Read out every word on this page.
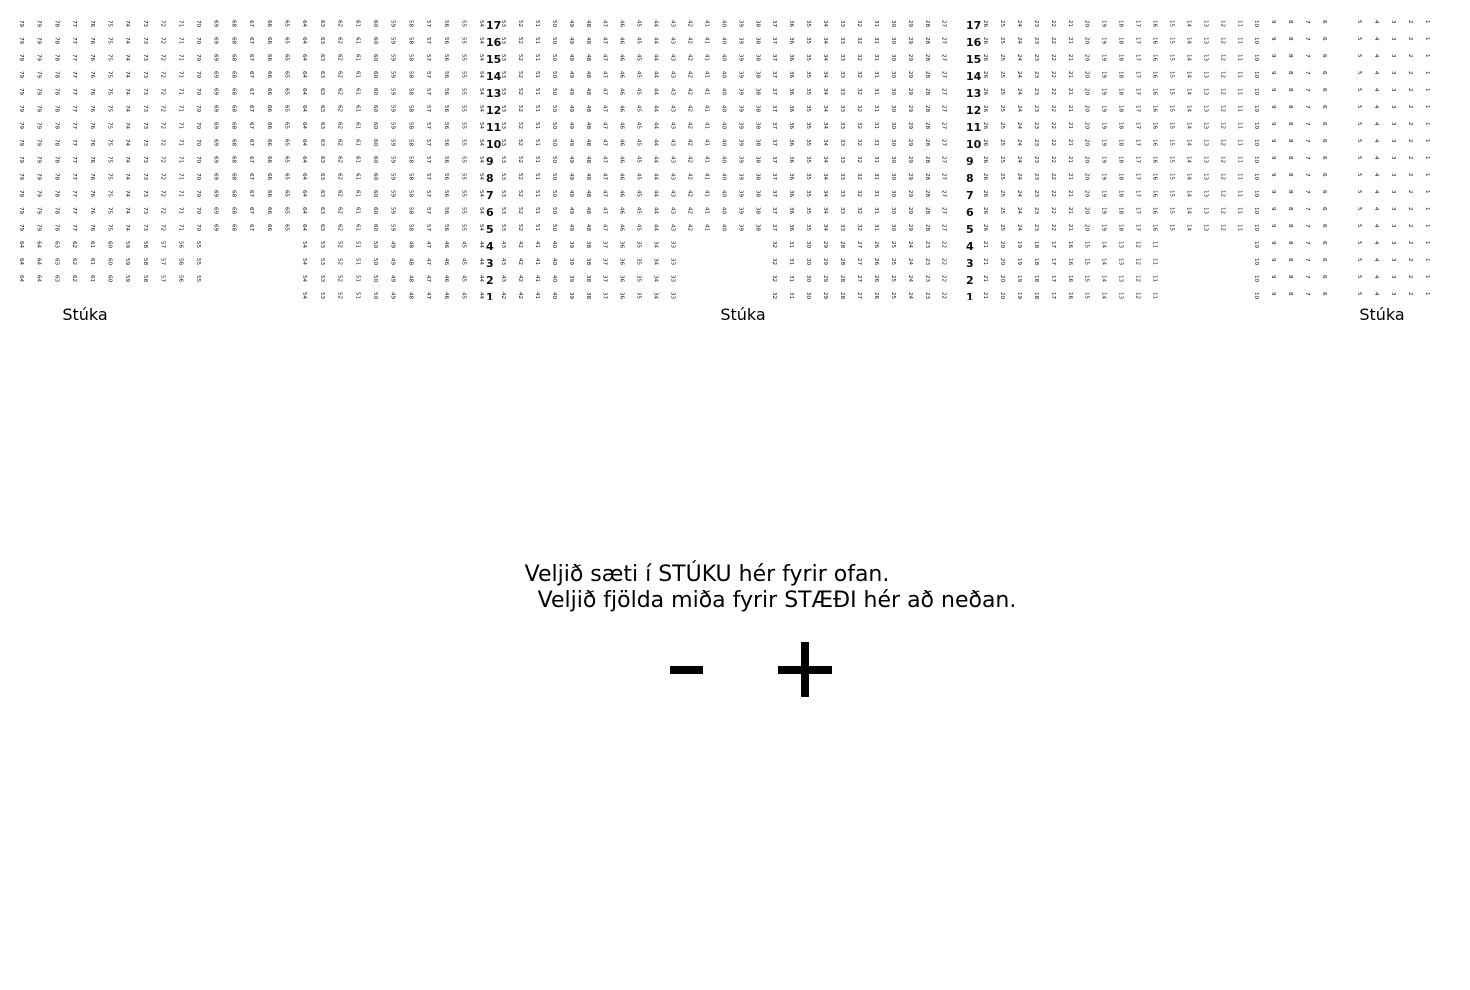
79
79
79
79
79
79
79
79
79
79
79
79
79
64
64
64
79
79
79
79
79
79
79
79
79
79
79
79
79
64
64
64
78
78
78
78
78
78
78
78
78
78
78
78
78
63
63
63
77
77
77
77
77
77
77
77
77
77
77
77
77
62
62
62
76
76
76
76
76
76
76
76
76
76
76
76
76
61
61
61
75
75
75
75
75
75
75
75
75
75
75
75
75
60
60
60
74
74
74
74
74
74
74
74
74
74
74
74
74
59
59
59
73
73
73
73
73
73
73
73
73
73
73
73
73
58
58
58
72
72
72
72
72
72
72
72
72
72
72
72
72
57
57
57
71
71
71
71
71
71
71
71
71
71
71
71
71
56
56
56
70
70
70
70
70
70
70
70
70
70
70
70
70
55
55
55
69
69
69
69
69
69
69
69
69
69
69
69
69
68
68
68
68
68
68
68
68
68
68
68
68
68
67
67
67
67
67
67
67
67
67
67
67
67
67
66
66
66
66
66
66
66
66
66
66
66
66
66
65
65
65
65
65
65
65
65
65
65
65
65
65
64
64
64
64
64
64
64
64
64
64
64
64
64
54
54
54
54
63
63
63
63
63
63
63
63
63
63
63
63
63
53
53
53
53
62
62
62
62
62
62
62
62
62
62
62
62
62
52
52
52
52
61
61
61
61
61
61
61
61
61
61
61
61
61
51
51
51
51
60
60
60
60
60
60
60
60
60
60
60
60
60
50
50
50
50
59
59
59
59
59
59
59
59
59
59
59
59
59
49
49
49
49
58
58
58
58
58
58
58
58
58
58
58
58
58
48
48
48
48
57
57
57
57
57
57
57
57
57
57
57
57
57
47
47
47
47
56
56
56
56
56
56
56
56
56
56
56
56
56
46
46
46
46
55
55
55
55
55
55
55
55
55
55
55
55
55
45
45
45
45
54
54
54
54
54
54
54
54
54
54
54
54
54
44
44
44
44
53
53
53
53
53
53
53
53
53
53
53
53
53
43
43
43
42
52
52
52
52
52
52
52
52
52
52
52
52
52
42
42
42
42
51
51
51
51
51
51
51
51
51
51
51
51
51
41
41
41
41
50
50
50
50
50
50
50
50
50
50
50
50
50
40
40
40
40
49
49
49
49
49
49
49
49
49
49
49
49
49
39
39
39
39
48
48
48
48
48
48
48
48
48
48
48
48
48
38
38
38
38
47
47
47
47
47
47
47
47
47
47
47
47
47
37
37
37
37
46
46
46
46
46
46
46
46
46
46
46
46
46
36
36
36
36
45
45
45
45
45
45
45
45
45
45
45
45
45
35
35
35
35
44
44
44
44
44
44
44
44
44
44
44
44
44
34
34
34
34
43
43
43
43
43
43
43
43
43
43
43
43
43
33
33
33
33
42
42
42
42
42
42
42
42
42
42
42
42
42
41
41
41
41
41
41
41
41
41
41
41
41
41
40
40
40
40
40
40
40
40
40
40
40
40
40
39
39
39
39
39
39
39
39
39
39
39
39
39
38
38
38
38
38
38
38
38
38
38
38
38
38
37
37
37
37
37
37
37
37
37
37
37
37
37
32
32
32
32
36
36
36
36
36
36
36
36
36
36
36
36
36
31
31
31
31
35
35
35
35
35
35
35
35
35
35
35
35
35
30
30
30
30
34
34
34
34
34
34
34
34
34
34
34
34
34
29
29
29
29
33
33
33
33
33
33
33
33
33
33
33
33
33
28
28
28
28
32
32
32
32
32
32
32
32
32
32
32
32
32
27
27
27
27
31
31
31
31
31
31
31
31
31
31
31
31
31
26
26
26
26
30
30
30
30
30
30
30
30
30
30
30
30
30
25
25
25
25
29
29
29
29
29
29
29
29
29
29
29
29
29
24
24
24
24
28
28
28
28
28
28
28
28
28
28
28
28
28
23
23
23
23
27
27
27
27
27
27
27
27
27
27
27
27
27
22
22
22
22
26
26
26
26
26
26
26
26
26
26
26
26
26
21
21
21
21
25
25
25
25
25
25
25
25
25
25
25
25
25
20
20
20
20
24
24
24
24
24
24
24
24
24
24
24
24
24
19
19
19
19
23
23
23
23
23
23
23
23
23
23
23
23
23
18
18
18
18
22
22
22
22
22
22
22
22
22
22
22
22
22
17
17
17
17
21
21
21
21
21
21
21
21
21
21
21
21
21
16
16
16
16
20
20
20
20
20
20
20
20
20
20
20
20
20
15
15
15
15
19
19
19
19
19
19
19
19
19
19
19
19
19
14
14
14
14
18
18
18
18
18
18
18
18
18
18
18
18
18
13
13
13
13
17
17
17
17
17
17
17
17
17
17
17
17
17
12
12
12
12
16
16
16
16
16
16
16
16
16
16
16
16
16
11
11
11
11
15
15
15
15
15
15
15
15
15
15
15
15
15
14
14
14
14
14
14
14
14
14
14
14
14
14
13
13
13
13
13
13
13
13
13
13
13
13
13
12
12
12
12
12
12
12
12
12
12
12
12
12
11
11
11
11
11
11
11
11
11
11
11
11
11
10
10
10
10
10
10
10
10
10
10
10
10
10
10
10
10
10
9
9
9
9
9
9
9
9
9
9
9
9
9
9
9
9
9
8
8
8
8
8
8
8
8
8
8
8
8
8
8
8
8
8
7
7
7
7
7
7
7
7
7
7
7
7
7
7
7
7
7
6
6
6
6
6
6
6
6
6
6
6
6
6
6
6
6
6
5
5
5
5
5
5
5
5
5
5
5
5
5
5
5
5
5
4
4
4
4
4
4
4
4
4
4
4
4
4
4
4
4
4
3
3
3
3
3
3
3
3
3
3
3
3
3
3
3
3
3
2
2
2
2
2
2
2
2
2
2
2
2
2
2
2
2
2
1
1
1
1
1
1
1
1
1
1
1
1
1
1
1
1
1
17
16
15
14
13
12
11
10
9
8
7
6
5
4
3
2
1
17
16
15
14
13
12
11
10
9
8
7
6
5
4
3
2
1
Stúka	Stúka	Stúka
Veljið sæti í STÚKU hér fyrir ofan.
Veljið fjölda miða fyrir STÆÐI hér að neðan.
